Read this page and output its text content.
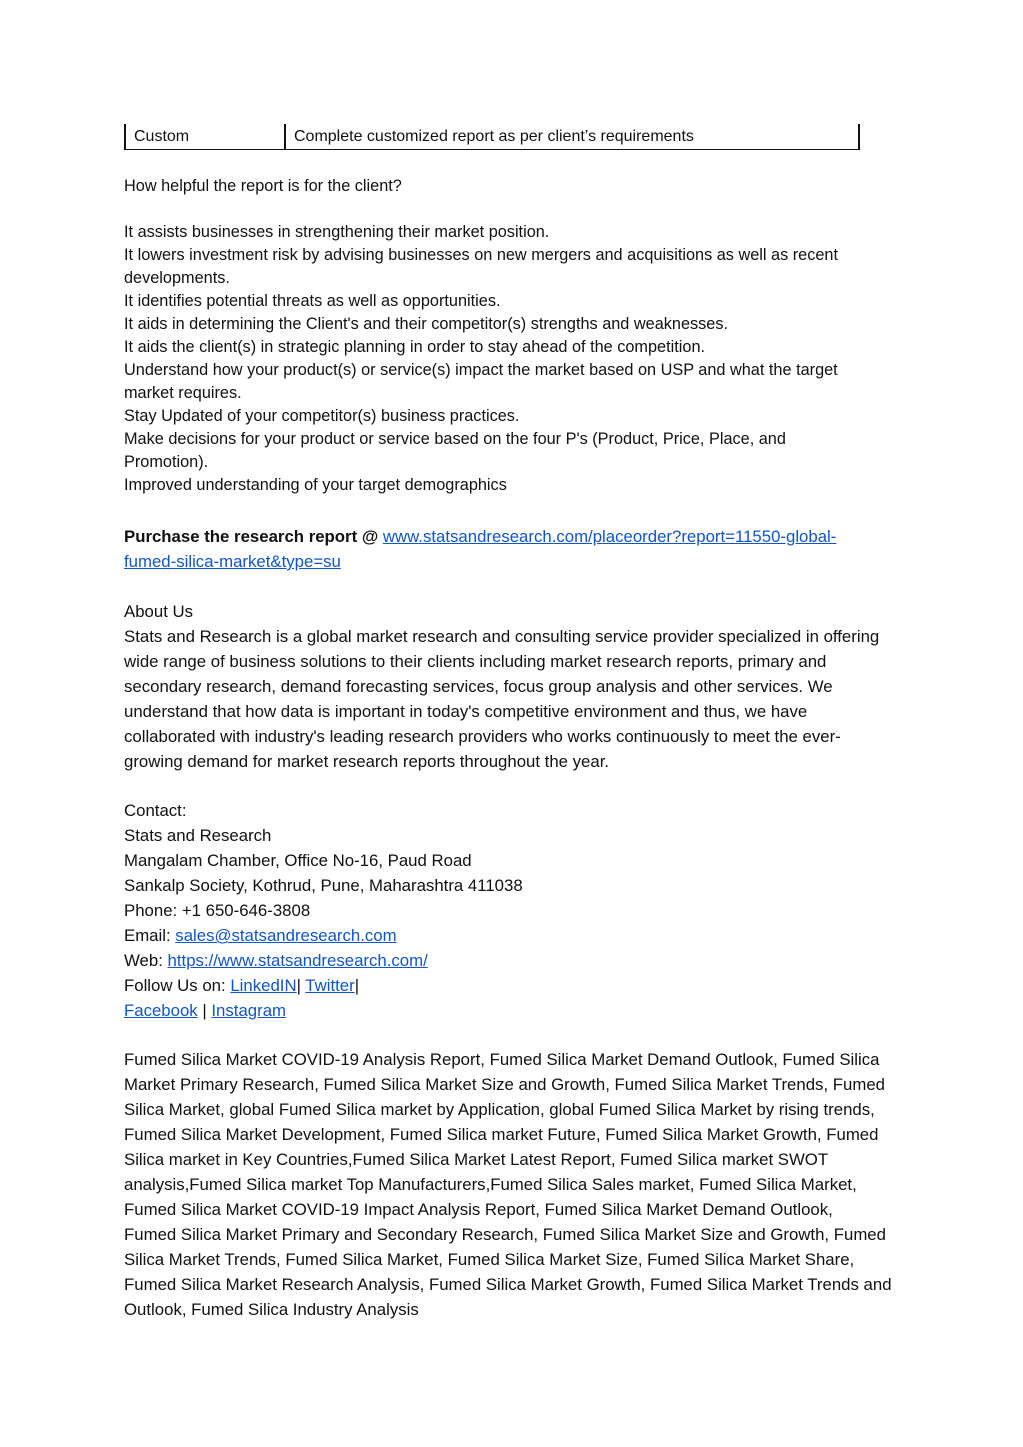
Custom	Complete customized report as per client’s requirements
How helpful the report is for the client?
It assists businesses in strengthening their market position.
It lowers investment risk by advising businesses on new mergers and acquisitions as well as recent
developments.
It identifies potential threats as well as opportunities.
It aids in determining the Client's and their competitor(s) strengths and weaknesses.
It aids the client(s) in strategic planning in order to stay ahead of the competition.
Understand how your product(s) or service(s) impact the market based on USP and what the target
market requires.
Stay Updated of your competitor(s) business practices.
Make decisions for your product or service based on the four P's (Product, Price, Place, and
Promotion).
Improved understanding of your target demographics
Purchase the research report @ www.statsandresearch.com/placeorder?report=11550-global-
fumed-silica-market&type=su
About Us
Stats and Research is a global market research and consulting service provider specialized in offering
wide range of business solutions to their clients including market research reports, primary and
secondary research, demand forecasting services, focus group analysis and other services. We
understand that how data is important in today's competitive environment and thus, we have
collaborated with industry's leading research providers who works continuously to meet the ever-
growing demand for market research reports throughout the year.
Contact:
Stats and Research
Mangalam Chamber, Office No-16, Paud Road
Sankalp Society, Kothrud, Pune, Maharashtra 411038
Phone: +1 650-646-3808
Email: sales@statsandresearch.com
Web: https://www.statsandresearch.com/
Follow Us on: LinkedIN| Twitter|
Facebook | Instagram
Fumed Silica Market COVID-19 Analysis Report, Fumed Silica Market Demand Outlook, Fumed Silica
Market Primary Research, Fumed Silica Market Size and Growth, Fumed Silica Market Trends, Fumed
Silica Market, global Fumed Silica market by Application, global Fumed Silica Market by rising trends,
Fumed Silica Market Development, Fumed Silica market Future, Fumed Silica Market Growth, Fumed
Silica market in Key Countries,Fumed Silica Market Latest Report, Fumed Silica market SWOT
analysis,Fumed Silica market Top Manufacturers,Fumed Silica Sales market, Fumed Silica Market,
Fumed Silica Market COVID-19 Impact Analysis Report, Fumed Silica Market Demand Outlook,
Fumed Silica Market Primary and Secondary Research, Fumed Silica Market Size and Growth, Fumed
Silica Market Trends, Fumed Silica Market, Fumed Silica Market Size, Fumed Silica Market Share,
Fumed Silica Market Research Analysis, Fumed Silica Market Growth, Fumed Silica Market Trends and
Outlook, Fumed Silica Industry Analysis
